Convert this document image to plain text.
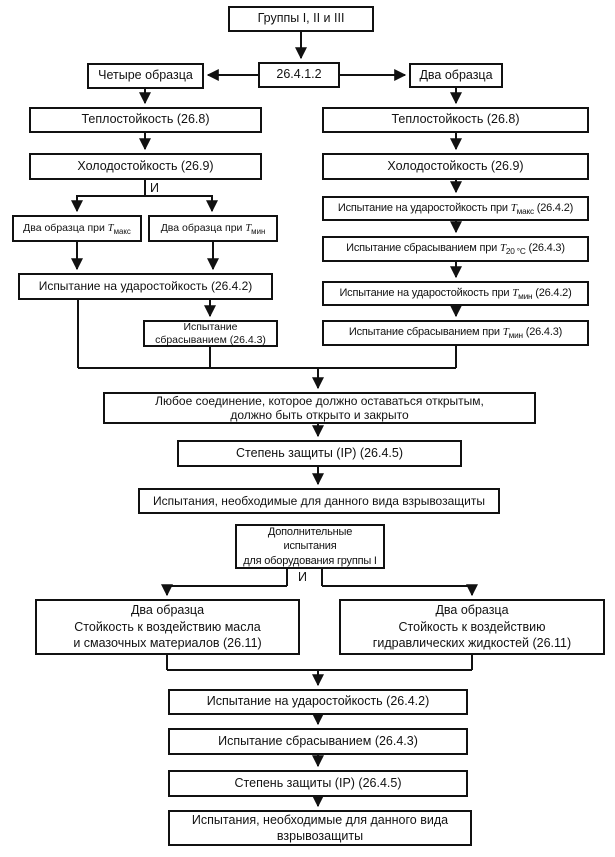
Группы I, II и III
26.4.1.2
Четыре образца	Два образца
Теплостойкость (26.8)
Холодостойкость (26.9)
И
Два образца при $Т_{макс}$	Два образца при $Т_{мин}$
Испытание на ударостойкость (26.4.2)
Испытание
сбрасыванием (26.4.3)
Теплостойкость (26.8)
Холодостойкость (26.9)
Испытание на ударостойкость при $Т_{макс}$ (26.4.2)
Испытание сбрасыванием при $Т_{20 ^\circ С}$ (26.4.3)
Испытание на ударостойкость при $Т_{мин}$ (26.4.2)
Испытание сбрасыванием при $Т_{мин}$ (26.4.3)
Любое соединение, которое должно оставаться открытым,
должно быть открыто и закрыто
Степень защиты (IP) (26.4.5)
Испытания, необходимые для данного вида взрывозащиты
Дополнительные испытания
для оборудования группы I
И
Два образца
Стойкость к воздействию масла
и смазочных материалов (26.11)
Два образца
Стойкость к воздействию
гидравлических жидкостей (26.11)
Испытание на ударостойкость (26.4.2)
Испытание сбрасыванием (26.4.3)
Степень защиты (IP) (26.4.5)
Испытания, необходимые для данного вида
взрывозащиты
